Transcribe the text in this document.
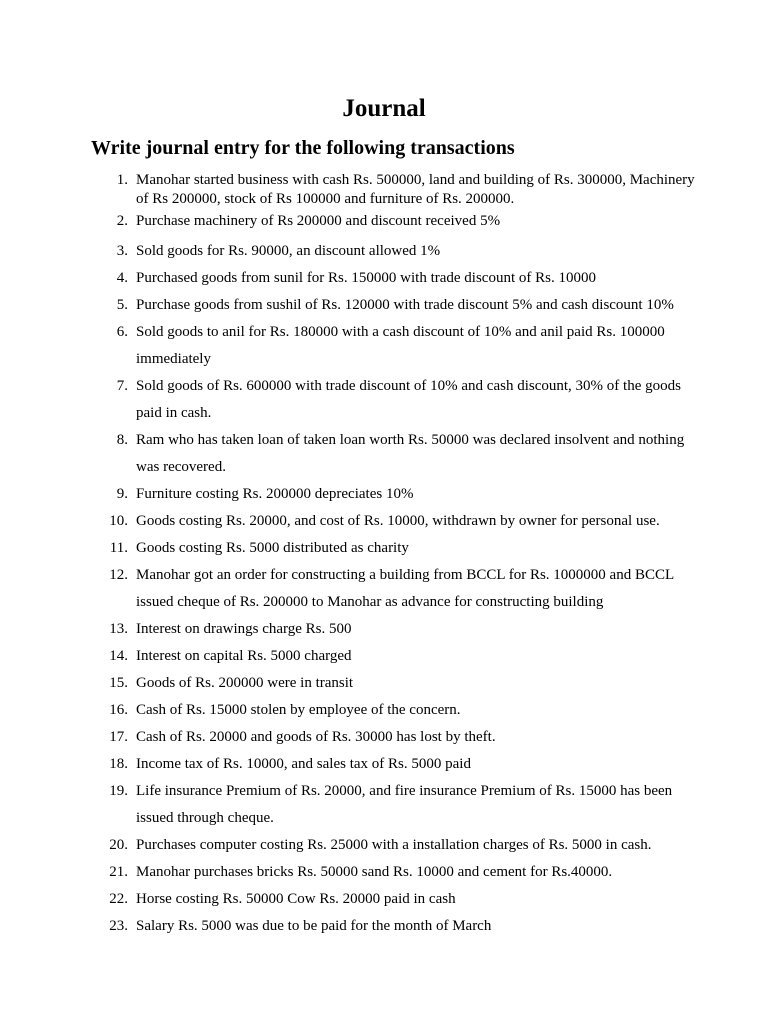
Journal
Write journal entry for the following transactions
1. Manohar started business with cash Rs. 500000, land and building of Rs. 300000, Machinery of Rs 200000, stock of Rs 100000 and furniture of Rs. 200000.
2. Purchase machinery of Rs 200000 and discount received 5%
3. Sold goods for Rs. 90000, an discount allowed 1%
4. Purchased goods from sunil for Rs. 150000 with trade discount of Rs. 10000
5. Purchase goods from sushil of Rs. 120000 with trade discount 5% and cash discount 10%
6. Sold goods to anil for Rs. 180000 with a cash discount of 10% and anil paid Rs. 100000 immediately
7. Sold goods of Rs. 600000 with trade discount of 10% and cash discount, 30% of the goods paid in cash.
8. Ram who has taken loan of taken loan worth Rs. 50000 was declared insolvent and nothing was recovered.
9. Furniture costing Rs. 200000 depreciates 10%
10. Goods costing Rs. 20000, and cost of Rs. 10000, withdrawn by owner for personal use.
11. Goods costing Rs. 5000 distributed as charity
12. Manohar got an order for constructing a building from BCCL for Rs. 1000000 and BCCL issued cheque of Rs. 200000 to Manohar as advance for constructing building
13. Interest on drawings charge Rs. 500
14. Interest on capital Rs. 5000 charged
15. Goods of Rs. 200000 were in transit
16. Cash of Rs. 15000 stolen by employee of the concern.
17. Cash of Rs. 20000 and goods of Rs. 30000 has lost by theft.
18. Income tax of Rs. 10000, and sales tax of Rs. 5000 paid
19. Life insurance Premium of Rs. 20000, and fire insurance Premium of Rs. 15000 has been issued through cheque.
20. Purchases computer costing Rs. 25000 with a installation charges of Rs. 5000 in cash.
21. Manohar purchases bricks Rs. 50000 sand Rs. 10000 and cement for Rs.40000.
22. Horse costing Rs. 50000 Cow Rs. 20000 paid in cash
23. Salary Rs. 5000 was due to be paid for the month of March
